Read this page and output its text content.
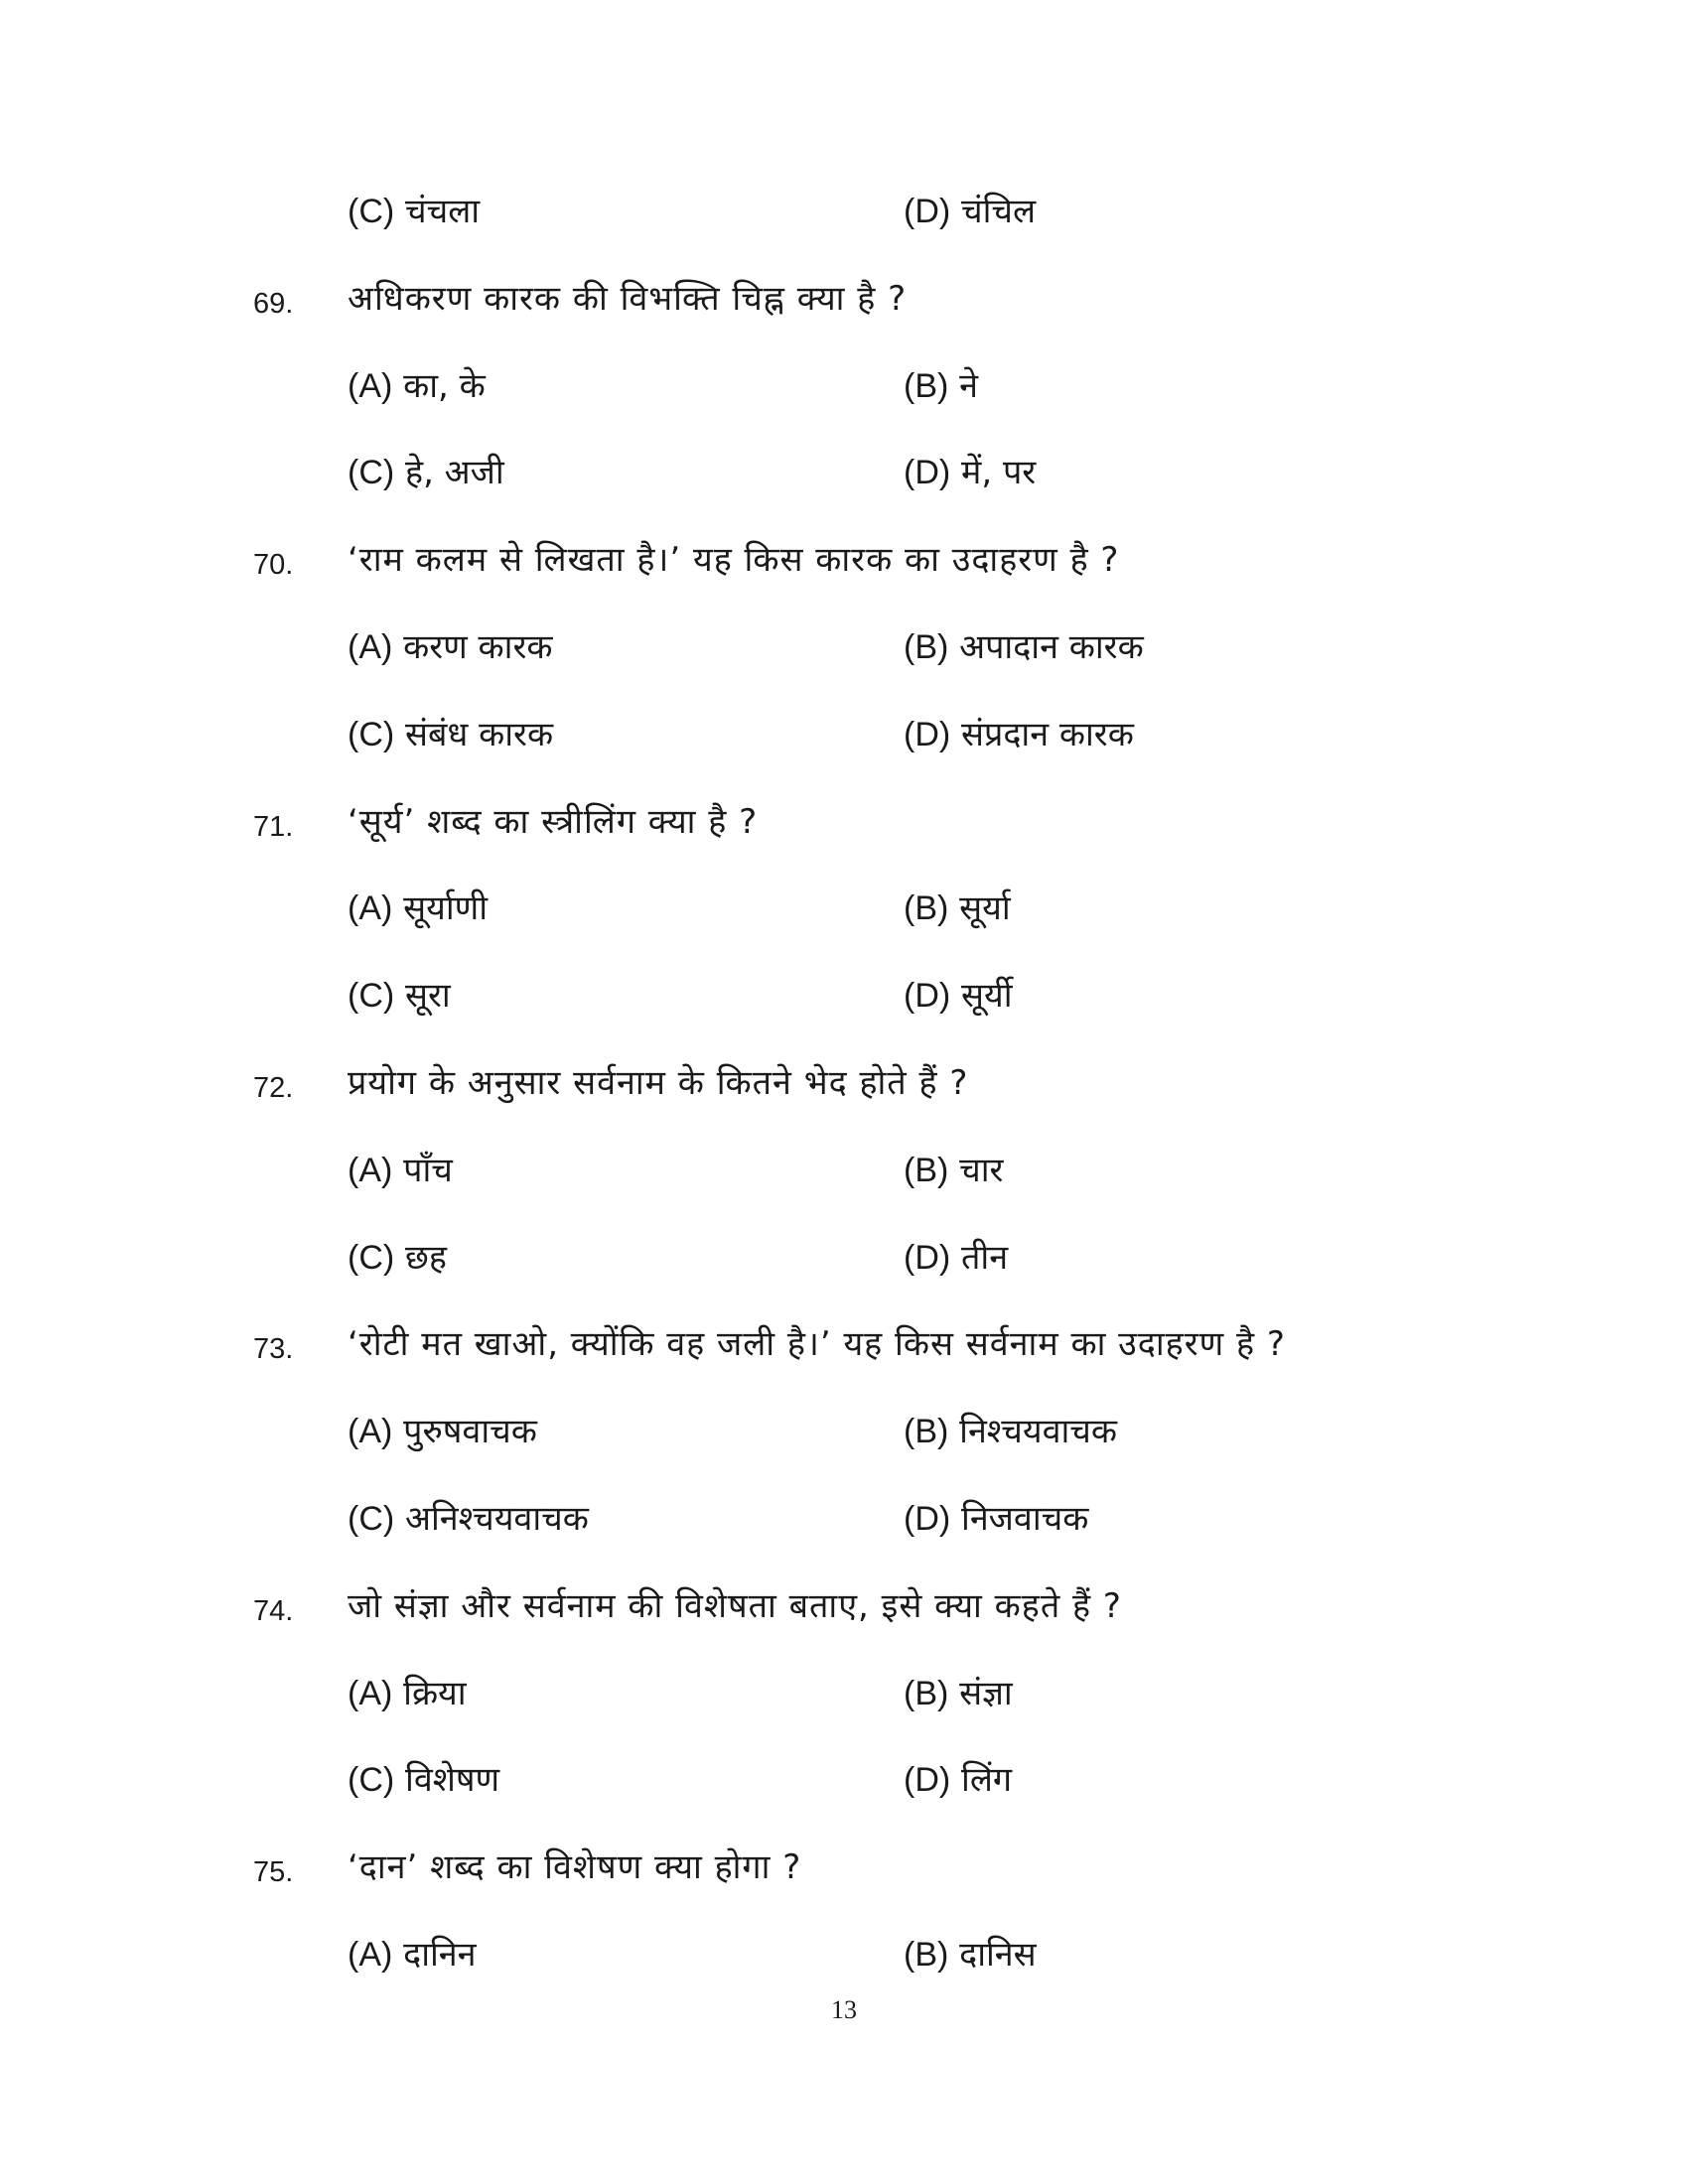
(C) चंचला	(D) चंचिल
69. अधिकरण कारक की विभक्ति चिह्न क्या है ?
(A) का, के	(B) ने
(C) हे, अजी	(D) में, पर
70. ‘राम कलम से लिखता है।’ यह किस कारक का उदाहरण है ?
(A) करण कारक	(B) अपादान कारक
(C) संबंध कारक	(D) संप्रदान कारक
71. ‘सूर्य’ शब्द का स्त्रीलिंग क्या है ?
(A) सूर्याणी	(B) सूर्या
(C) सूरा	(D) सूर्यी
72. प्रयोग के अनुसार सर्वनाम के कितने भेद होते हैं ?
(A) पाँच	(B) चार
(C) छह	(D) तीन
73. ‘रोटी मत खाओ, क्योंकि वह जली है।’ यह किस सर्वनाम का उदाहरण है ?
(A) पुरुषवाचक	(B) निश्चयवाचक
(C) अनिश्चयवाचक	(D) निजवाचक
74. जो संज्ञा और सर्वनाम की विशेषता बताए, इसे क्या कहते हैं ?
(A) क्रिया	(B) संज्ञा
(C) विशेषण	(D) लिंग
75. ‘दान’ शब्द का विशेषण क्या होगा ?
(A) दानिन	(B) दानिस
13
